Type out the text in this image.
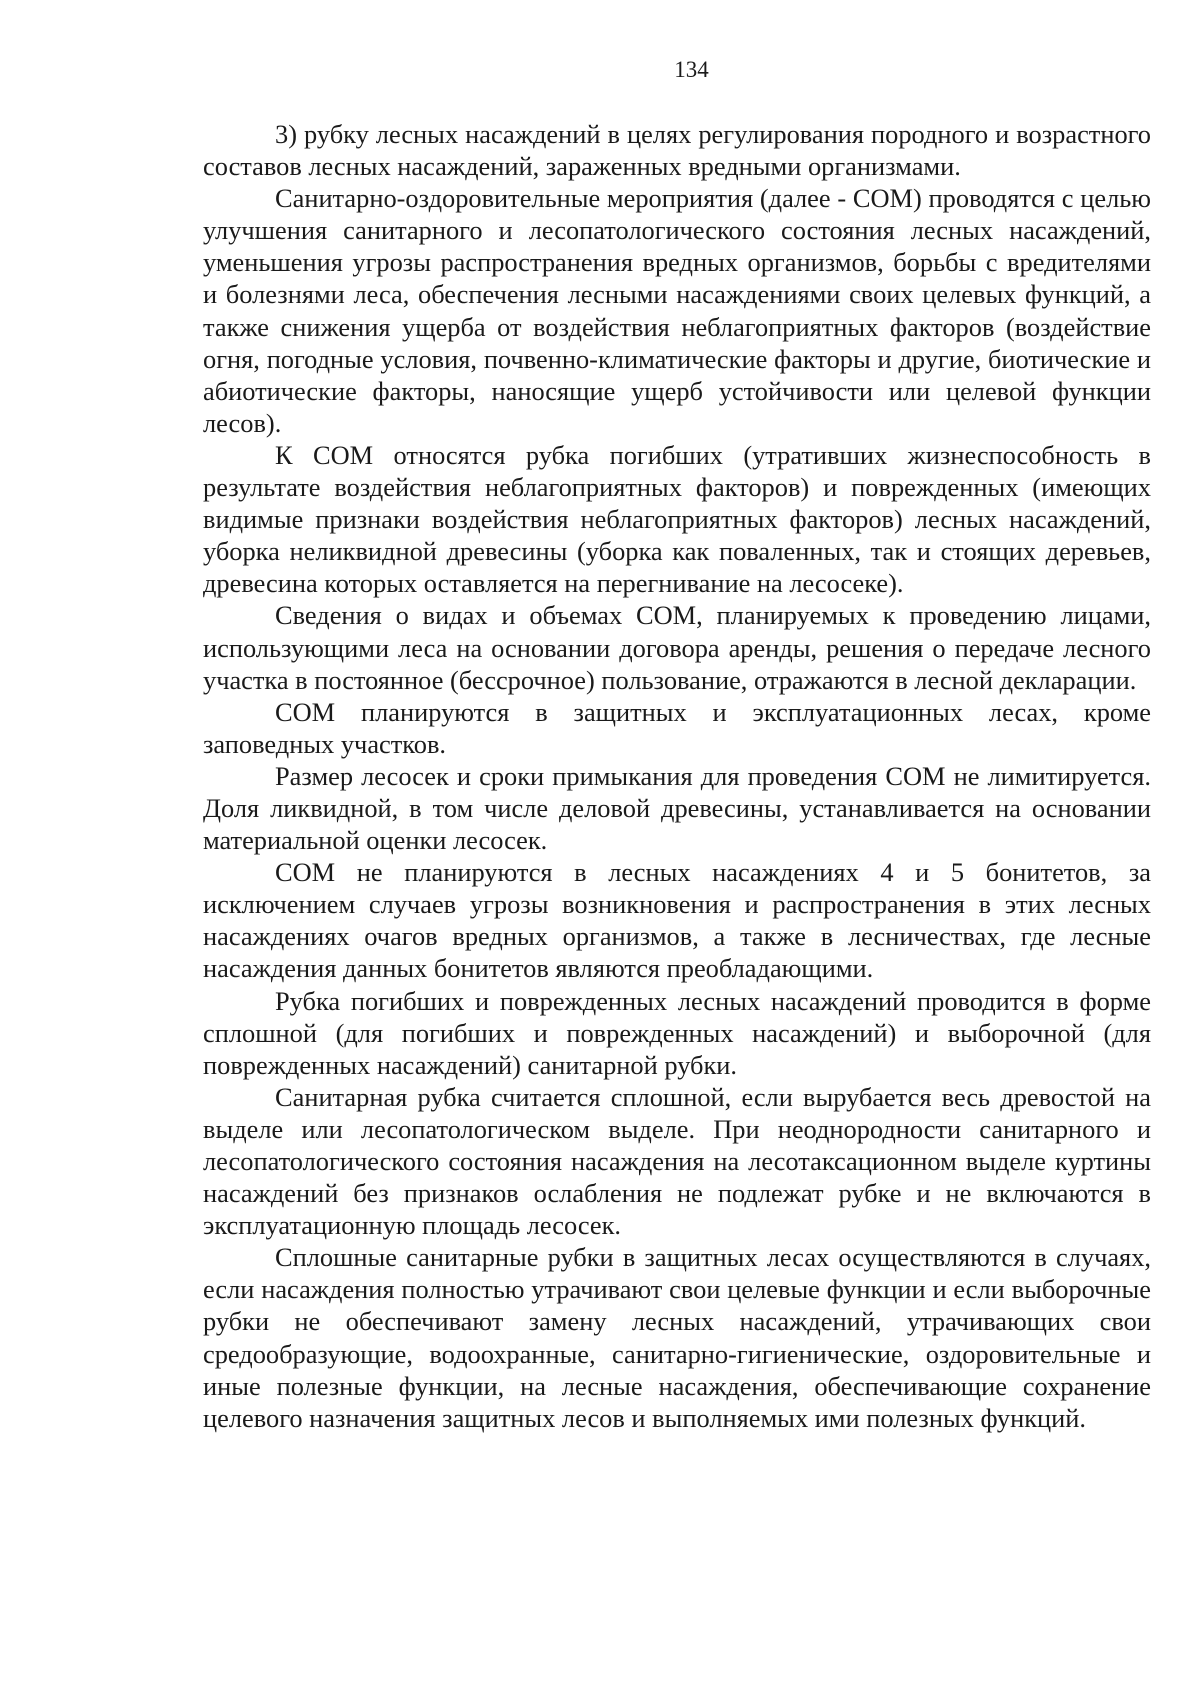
134

3) рубку лесных насаждений в целях регулирования породного и возрастного составов лесных насаждений, зараженных вредными организмами.

Санитарно-оздоровительные мероприятия (далее - СОМ) проводятся с целью улучшения санитарного и лесопатологического состояния лесных насаждений, уменьшения угрозы распространения вредных организмов, борьбы с вредителями и болезнями леса, обеспечения лесными насаждениями своих целевых функций, а также снижения ущерба от воздействия неблагоприятных факторов (воздействие огня, погодные условия, почвенно-климатические факторы и другие, биотические и абиотические факторы, наносящие ущерб устойчивости или целевой функции лесов).

К СОМ относятся рубка погибших (утративших жизнеспособность в результате воздействия неблагоприятных факторов) и поврежденных (имеющих видимые признаки воздействия неблагоприятных факторов) лесных насаждений, уборка неликвидной древесины (уборка как поваленных, так и стоящих деревьев, древесина которых оставляется на перегнивание на лесосеке).

Сведения о видах и объемах СОМ, планируемых к проведению лицами, использующими леса на основании договора аренды, решения о передаче лесного участка в постоянное (бессрочное) пользование, отражаются в лесной декларации.

СОМ планируются в защитных и эксплуатационных лесах, кроме заповедных участков.

Размер лесосек и сроки примыкания для проведения СОМ не лимитируется. Доля ликвидной, в том числе деловой древесины, устанавливается на основании материальной оценки лесосек.

СОМ не планируются в лесных насаждениях 4 и 5 бонитетов, за исключением случаев угрозы возникновения и распространения в этих лесных насаждениях очагов вредных организмов, а также в лесничествах, где лесные насаждения данных бонитетов являются преобладающими.

Рубка погибших и поврежденных лесных насаждений проводится в форме сплошной (для погибших и поврежденных насаждений) и выборочной (для поврежденных насаждений) санитарной рубки.

Санитарная рубка считается сплошной, если вырубается весь древостой на выделе или лесопатологическом выделе. При неоднородности санитарного и лесопатологического состояния насаждения на лесотаксационном выделе куртины насаждений без признаков ослабления не подлежат рубке и не включаются в эксплуатационную площадь лесосек.

Сплошные санитарные рубки в защитных лесах осуществляются в случаях, если насаждения полностью утрачивают свои целевые функции и если выборочные рубки не обеспечивают замену лесных насаждений, утрачивающих свои средообразующие, водоохранные, санитарно-гигиенические, оздоровительные и иные полезные функции, на лесные насаждения, обеспечивающие сохранение целевого назначения защитных лесов и выполняемых ими полезных функций.
